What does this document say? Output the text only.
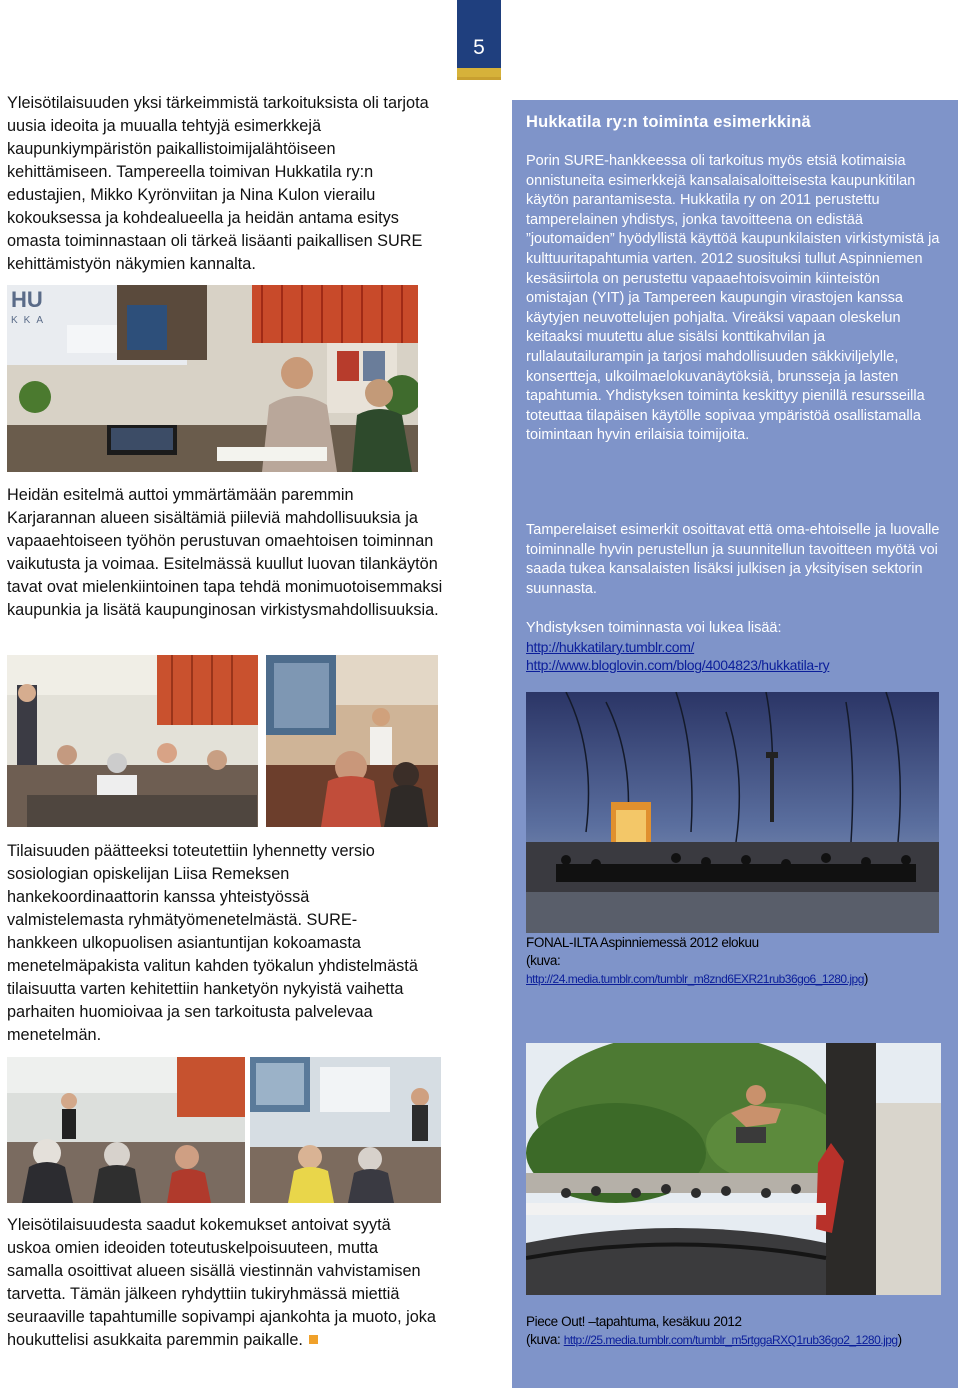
5

Yleisötilaisuuden yksi tärkeimmistä tarkoituksista oli tarjota uusia ideoita ja muualla tehtyjä esimerkkejä kaupunkiympäristön paikallistoimijalähtöiseen kehittämiseen. Tampereella toimivan Hukkatila ry:n edustajien, Mikko Kyrönviitan ja Nina Kulon vierailu kokouksessa ja kohdealueella ja heidän antama esitys omasta toiminnastaan oli tärkeä lisäanti paikallisen SURE kehittämistyön näkymien kannalta.

HU
KKA

Heidän esitelmä auttoi ymmärtämään paremmin Karjarannan alueen sisältämiä piileviä mahdollisuuksia ja vapaaehtoiseen työhön perustuvan omaehtoisen toiminnan vaikutusta ja voimaa. Esitelmässä kuullut luovan tilankäytön tavat ovat mielenkiintoinen tapa tehdä monimuotoisemmaksi kaupunkia ja lisätä kaupunginosan virkistysmahdollisuuksia.

Tilaisuuden päätteeksi toteutettiin lyhennetty versio sosiologian opiskelijan Liisa Remeksen hankekoordinaattorin kanssa yhteistyössä valmistelemasta ryhmätyömenetelmästä. SURE-hankkeen ulkopuolisen asiantuntijan kokoamasta menetelmäpakista valitun kahden työkalun yhdistelmästä tilaisuutta varten kehitettiin hanketyön nykyistä vaihetta parhaiten huomioivaa ja sen tarkoitusta palvelevaa menetelmän.

Yleisötilaisuudesta saadut kokemukset antoivat syytä uskoa omien ideoiden toteutuskelpoisuuteen, mutta samalla osoittivat alueen sisällä viestinnän vahvistamisen tarvetta. Tämän jälkeen ryhdyttiin tukiryhmässä miettiä seuraaville tapahtumille sopivampi ajankohta ja muoto, joka houkuttelisi asukkaita paremmin paikalle.

Hukkatila ry:n toiminta esimerkkinä

Porin SURE-hankkeessa oli tarkoitus myös etsiä kotimaisia onnistuneita esimerkkejä kansalaisaloitteisesta kaupunkitilan käytön parantamisesta. Hukkatila ry on 2011 perustettu tamperelainen yhdistys, jonka tavoitteena on edistää ”joutomaiden” hyödyllistä käyttöä kaupunkilaisten virkistymistä ja kulttuuritapahtumia varten. 2012 suosituksi tullut Aspinniemen kesäsiirtola on perustettu vapaaehtoisvoimin kiinteistön omistajan (YIT) ja Tampereen kaupungin virastojen kanssa käytyjen neuvottelujen pohjalta. Vireäksi vapaan oleskelun keitaaksi muutettu alue sisälsi konttikahvilan ja rullalautailurampin ja tarjosi mahdollisuuden säkkiviljelylle, konsertteja, ulkoilmaelokuvanäytöksiä, brunsseja ja lasten tapahtumia. Yhdistyksen toiminta keskittyy pienillä resursseilla toteuttaa tilapäisen käytölle sopivaa ympäristöä osallistamalla toimintaan hyvin erilaisia toimijoita.

Tamperelaiset esimerkit osoittavat että oma-ehtoiselle ja luovalle toiminnalle hyvin perustellun ja suunnitellun tavoitteen myötä voi saada tukea kansalaisten lisäksi julkisen ja yksityisen sektorin suunnasta.

Yhdistyksen toiminnasta voi lukea lisää:

http://hukkatilary.tumblr.com/
http://www.bloglovin.com/blog/4004823/hukkatila-ry
FONAL-ILTA Aspinniemessä 2012 elokuu
(kuva:
http://24.media.tumblr.com/tumblr_m8znd6EXR21rub36go6_1280.jpg)
Piece Out! –tapahtuma, kesäkuu 2012
(kuva: http://25.media.tumblr.com/tumblr_m5rtggaRXQ1rub36go2_1280.jpg)
